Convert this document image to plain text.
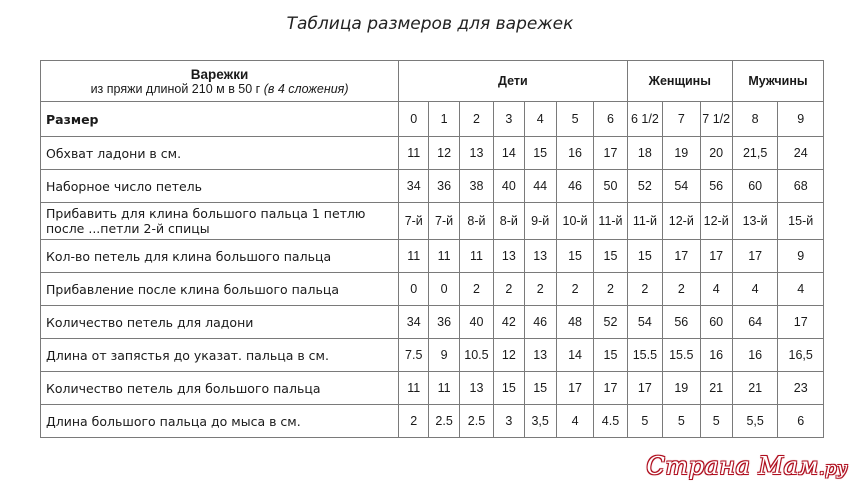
Таблица размеров для варежек
Варежки
из пряжи длиной 210 м в 50 г (в 4 сложения)	Дети							Женщины			Мужчины	
Размер	0	1	2	3	4	5	6	6 1/2	7	7 1/2	8	9
Обхват ладони в см.	11	12	13	14	15	16	17	18	19	20	21,5	24
Наборное число петель	34	36	38	40	44	46	50	52	54	56	60	68
Прибавить для клина большого пальца 1 петлю после ...петли 2-й спицы	7-й	7-й	8-й	8-й	9-й	10-й	11-й	11-й	12-й	12-й	13-й	15-й
Кол-во петель для клина большого пальца	11	11	11	13	13	15	15	15	17	17	17	9
Прибавление после клина большого пальца	0	0	2	2	2	2	2	2	2	4	4	4
Количество петель для ладони	34	36	40	42	46	48	52	54	56	60	64	17
Длина от запястья до указат. пальца в см.	7.5	9	10.5	12	13	14	15	15.5	15.5	16	16	16,5
Количество петель для большого пальца	11	11	13	15	15	17	17	17	19	21	21	23
Длина большого пальца до мыса в см.	2	2.5	2.5	3	3,5	4	4.5	5	5	5	5,5	6
Страна Мам.ру
